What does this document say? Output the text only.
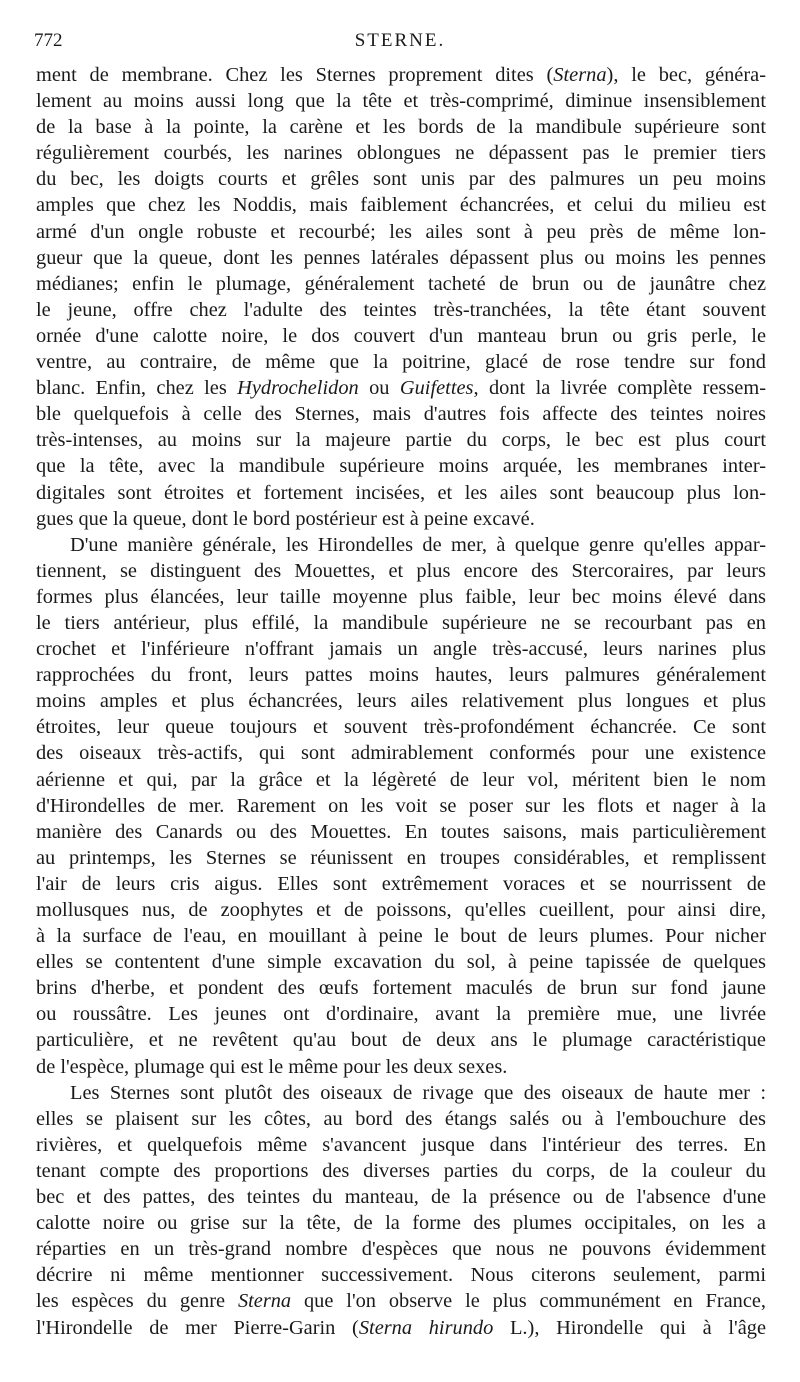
772	STERNE.
ment de membrane. Chez les Sternes proprement dites (Sterna), le bec, généra-
lement au moins aussi long que la tête et très-comprimé, diminue insensiblement
de la base à la pointe, la carène et les bords de la mandibule supérieure sont
régulièrement courbés, les narines oblongues ne dépassent pas le premier tiers
du bec, les doigts courts et grêles sont unis par des palmures un peu moins
amples que chez les Noddis, mais faiblement échancrées, et celui du milieu est
armé d'un ongle robuste et recourbé; les ailes sont à peu près de même lon-
gueur que la queue, dont les pennes latérales dépassent plus ou moins les pennes
médianes; enfin le plumage, généralement tacheté de brun ou de jaunâtre chez
le jeune, offre chez l'adulte des teintes très-tranchées, la tête étant souvent
ornée d'une calotte noire, le dos couvert d'un manteau brun ou gris perle, le
ventre, au contraire, de même que la poitrine, glacé de rose tendre sur fond
blanc. Enfin, chez les Hydrochelidon ou Guifettes, dont la livrée complète ressem-
ble quelquefois à celle des Sternes, mais d'autres fois affecte des teintes noires
très-intenses, au moins sur la majeure partie du corps, le bec est plus court
que la tête, avec la mandibule supérieure moins arquée, les membranes inter-
digitales sont étroites et fortement incisées, et les ailes sont beaucoup plus lon-
gues que la queue, dont le bord postérieur est à peine excavé.
D'une manière générale, les Hirondelles de mer, à quelque genre qu'elles appar-
tiennent, se distinguent des Mouettes, et plus encore des Stercoraires, par leurs
formes plus élancées, leur taille moyenne plus faible, leur bec moins élevé dans
le tiers antérieur, plus effilé, la mandibule supérieure ne se recourbant pas en
crochet et l'inférieure n'offrant jamais un angle très-accusé, leurs narines plus
rapprochées du front, leurs pattes moins hautes, leurs palmures généralement
moins amples et plus échancrées, leurs ailes relativement plus longues et plus
étroites, leur queue toujours et souvent très-profondément échancrée. Ce sont
des oiseaux très-actifs, qui sont admirablement conformés pour une existence
aérienne et qui, par la grâce et la légèreté de leur vol, méritent bien le nom
d'Hirondelles de mer. Rarement on les voit se poser sur les flots et nager à la
manière des Canards ou des Mouettes. En toutes saisons, mais particulièrement
au printemps, les Sternes se réunissent en troupes considérables, et remplissent
l'air de leurs cris aigus. Elles sont extrêmement voraces et se nourrissent de
mollusques nus, de zoophytes et de poissons, qu'elles cueillent, pour ainsi dire,
à la surface de l'eau, en mouillant à peine le bout de leurs plumes. Pour nicher
elles se contentent d'une simple excavation du sol, à peine tapissée de quelques
brins d'herbe, et pondent des œufs fortement maculés de brun sur fond jaune
ou roussâtre. Les jeunes ont d'ordinaire, avant la première mue, une livrée
particulière, et ne revêtent qu'au bout de deux ans le plumage caractéristique
de l'espèce, plumage qui est le même pour les deux sexes.
Les Sternes sont plutôt des oiseaux de rivage que des oiseaux de haute mer :
elles se plaisent sur les côtes, au bord des étangs salés ou à l'embouchure des
rivières, et quelquefois même s'avancent jusque dans l'intérieur des terres. En
tenant compte des proportions des diverses parties du corps, de la couleur du
bec et des pattes, des teintes du manteau, de la présence ou de l'absence d'une
calotte noire ou grise sur la tête, de la forme des plumes occipitales, on les a
réparties en un très-grand nombre d'espèces que nous ne pouvons évidemment
décrire ni même mentionner successivement. Nous citerons seulement, parmi
les espèces du genre Sterna que l'on observe le plus communément en France,
l'Hirondelle de mer Pierre-Garin (Sterna hirundo L.), Hirondelle qui à l'âge
